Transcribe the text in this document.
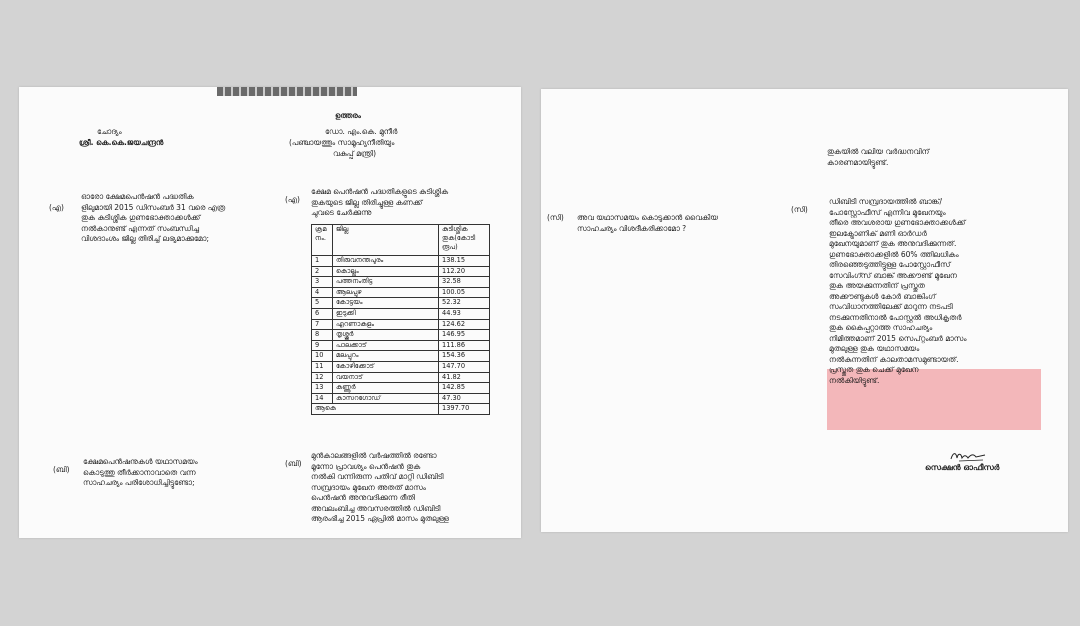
ഉത്തരം
ചോദ്യം
ശ്രീ. കെ.കെ.ജയചന്ദ്രൻ
ഡോ. എം.കെ. മുനീർ
(പഞ്ചായത്തും സാമൂഹ്യനീതിയും
വകുപ്പ് മന്ത്രി)
(എ)
ഓരോ ക്ഷേമപെൻഷൻ പദ്ധതിക
ളിലുമായി 2015 ഡിസംബർ 31 വരെ എത്ര
തുക കുടിശ്ശിക ഗുണഭോക്താക്കൾക്ക്
നൽകാനുണ്ട് എന്നത് സംബന്ധിച്ച
വിശദാംശം ജില്ല തിരിച്ച് ലഭ്യമാക്കുമോ;
(എ)
ക്ഷേമ പെൻഷൻ പദ്ധതികളുടെ കുടിശ്ശിക
തുകയുടെ ജില്ല തിരിച്ചുള്ള കണക്ക്
ചുവടെ ചേർക്കുന്നു
ക്രമ നം.	ജില്ല	കുടിശ്ശിക തുക(കോടി രൂപ)
1	തിരുവനന്തപുരം	138.15
2	കൊല്ലം	112.20
3	പത്തനംതിട്ട	32.58
4	ആലപ്പുഴ	100.05
5	കോട്ടയം	52.32
6	ഇടുക്കി	44.93
7	എറണാകുളം	124.62
8	തൃശ്ശൂർ	146.95
9	പാലക്കാട്	111.86
10	മലപ്പുറം	154.36
11	കോഴിക്കോട്	147.70
12	വയനാട്	41.82
13	കണ്ണൂർ	142.85
14	കാസറഗോഡ്	47.30
ആകെ		1397.70
(ബി)
ക്ഷേമപെൻഷനുകൾ യഥാസമയം
കൊടുത്തു തീർക്കാനാവാതെ വന്ന
സാഹചര്യം പരിശോധിച്ചിട്ടുണ്ടോ;
(ബി)
മുൻകാലങ്ങളിൽ വർഷത്തിൽ രണ്ടോ
മൂന്നോ പ്രാവശ്യം പെൻഷൻ തുക
നൽകി വന്നിരുന്ന പതിവ് മാറ്റി ഡിബിടി
സമ്പ്രദായം മുഖേന അതത് മാസം
പെൻഷൻ അനുവദിക്കുന്ന രീതി
അവലംബിച്ച അവസരത്തിൽ ഡിബിടി
ആരംഭിച്ച 2015 ഏപ്രിൽ മാസം മുതലുള്ള
തുകയിൽ വലിയ വർദ്ധനവിന്
കാരണമായിട്ടുണ്ട്.
(സി) അവ യഥാസമയം കൊടുക്കാൻ വൈകിയ
സാഹചര്യം വിശദീകരിക്കാമോ ?
(സി)
ഡിബിടി സമ്പ്രദായത്തിൽ ബാങ്ക്/
പോസ്റ്റോഫീസ് എന്നിവ മുഖേനയും
തീരെ അവശരായ ഗുണഭോക്താക്കൾക്ക്
ഇലക്ട്രോണിക് മണി ഓർഡർ
മുഖേനയുമാണ് തുക അനുവദിക്കുന്നത്.
ഗുണഭോക്താക്കളിൽ 60% ത്തിലധികം
തിരഞ്ഞെടുത്തിട്ടുള്ള പോസ്റ്റോഫീസ്
സേവിംഗ്സ് ബാങ്ക് അക്കൗണ്ട് മുഖേന
തുക അയക്കുന്നതിന് പ്രസ്തുത
അക്കൗണ്ടുകൾ കോർ ബാങ്കിംഗ്
സംവിധാനത്തിലേക്ക് മാറുന്ന നടപടി
നടക്കുന്നതിനാൽ പോസ്റ്റൽ അധികൃതർ
തുക കൈപ്പറ്റാത്ത സാഹചര്യം
നിമിത്തമാണ് 2015 സെപ്റ്റംബർ മാസം
മുതലുള്ള തുക യഥാസമയം
നൽകുന്നതിന് കാലതാമസമുണ്ടായത്.
പ്രസ്തുത തുക ചെക്ക് മുഖേന
നൽകിയിട്ടുണ്ട്.
സെക്ഷൻ ഓഫീസർ
